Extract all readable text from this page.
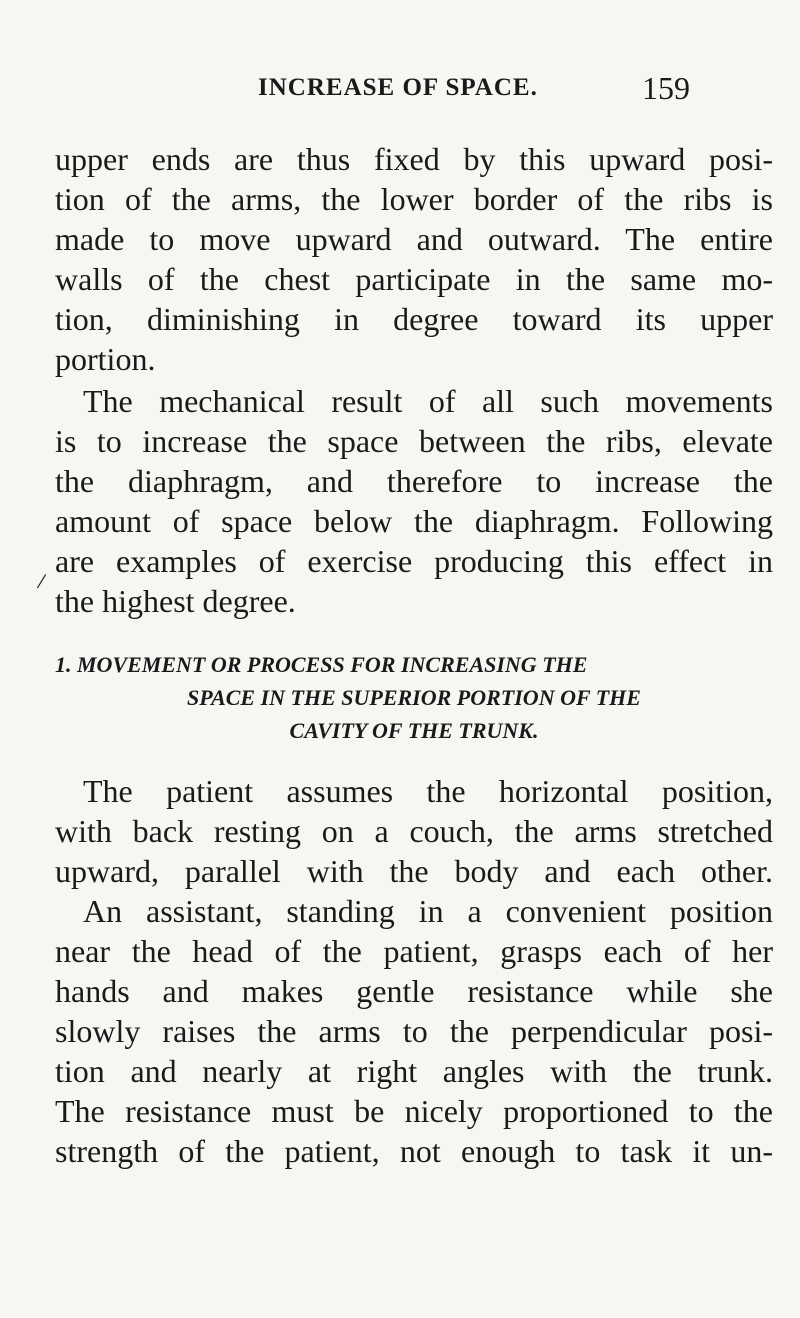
INCREASE OF SPACE.	159
upper ends are thus fixed by this upward posi-
tion of the arms, the lower border of the ribs is
made to move upward and outward. The entire
walls of the chest participate in the same mo-
tion, diminishing in degree toward its upper
portion.
The mechanical result of all such movements
is to increase the space between the ribs, elevate
the diaphragm, and therefore to increase the
amount of space below the diaphragm. Following
are examples of exercise producing this effect in
the highest degree.
1. MOVEMENT OR PROCESS FOR INCREASING THE
SPACE IN THE SUPERIOR PORTION OF THE
CAVITY OF THE TRUNK.
The patient assumes the horizontal position,
with back resting on a couch, the arms stretched
upward, parallel with the body and each other.
An assistant, standing in a convenient position
near the head of the patient, grasps each of her
hands and makes gentle resistance while she
slowly raises the arms to the perpendicular posi-
tion and nearly at right angles with the trunk.
The resistance must be nicely proportioned to the
strength of the patient, not enough to task it un-
⁄
